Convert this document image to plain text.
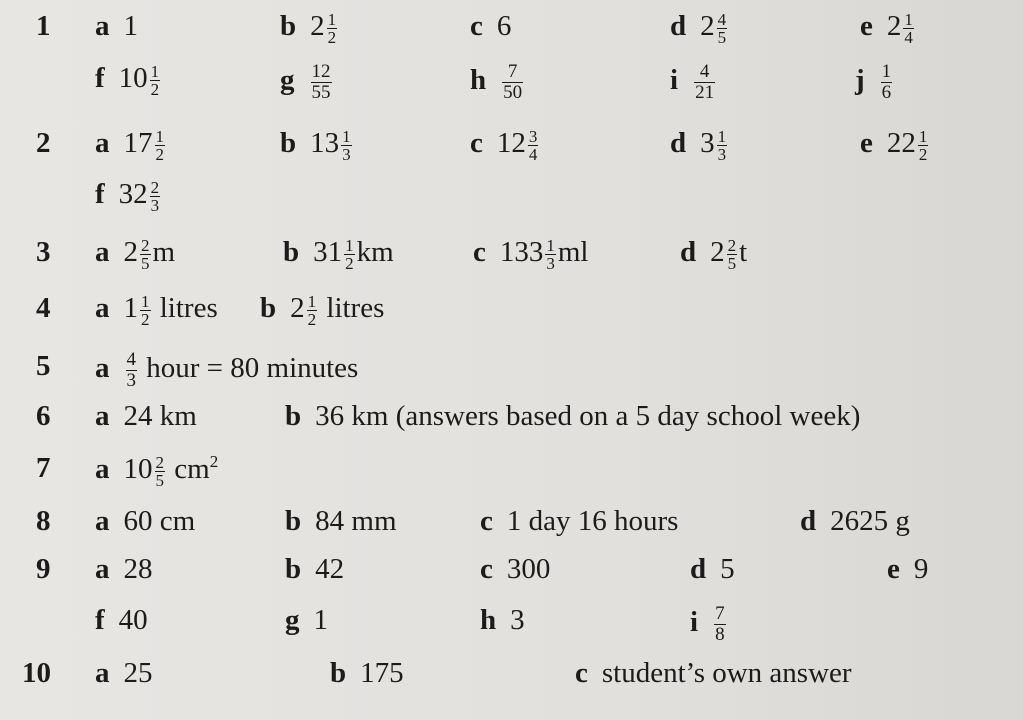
1 a 1	b $2 \frac{1}{2}$	c 6	d $2 \frac{4}{5}$	e $2 \frac{1}{4}$
f $10 \frac{1}{2}$	g $\frac{12}{55}$	h $\frac{7}{50}$	i $\frac{4}{21}$	j $\frac{1}{6}$
2 a $17 \frac{1}{2}$	b $13 \frac{1}{3}$	c $12 \frac{3}{4}$	d $3 \frac{1}{3}$	e $22 \frac{1}{2}$
f $32 \frac{2}{3}$
3 a $2 \frac{2}{5}$ m	b $31 \frac{1}{2}$ km	c $133 \frac{1}{3}$ ml	d $2 \frac{2}{5}$ t
4 a $1 \frac{1}{2}$ litres b $2 \frac{1}{2}$ litres
5 a $\frac{4}{3}$ hour = 80 minutes
6 a 24 km	b 36 km (answers based on a 5 day school week)
7 a $10 \frac{2}{5} cm^2$
8 a 60 cm	b 84 mm	c 1 day 16 hours	d 2625 g
9 a 28	b 42	c 300	d 5	e 9
f 40	g 1	h 3	i $\frac{7}{8}$
10 a 25	b 175	c student’s own answer
